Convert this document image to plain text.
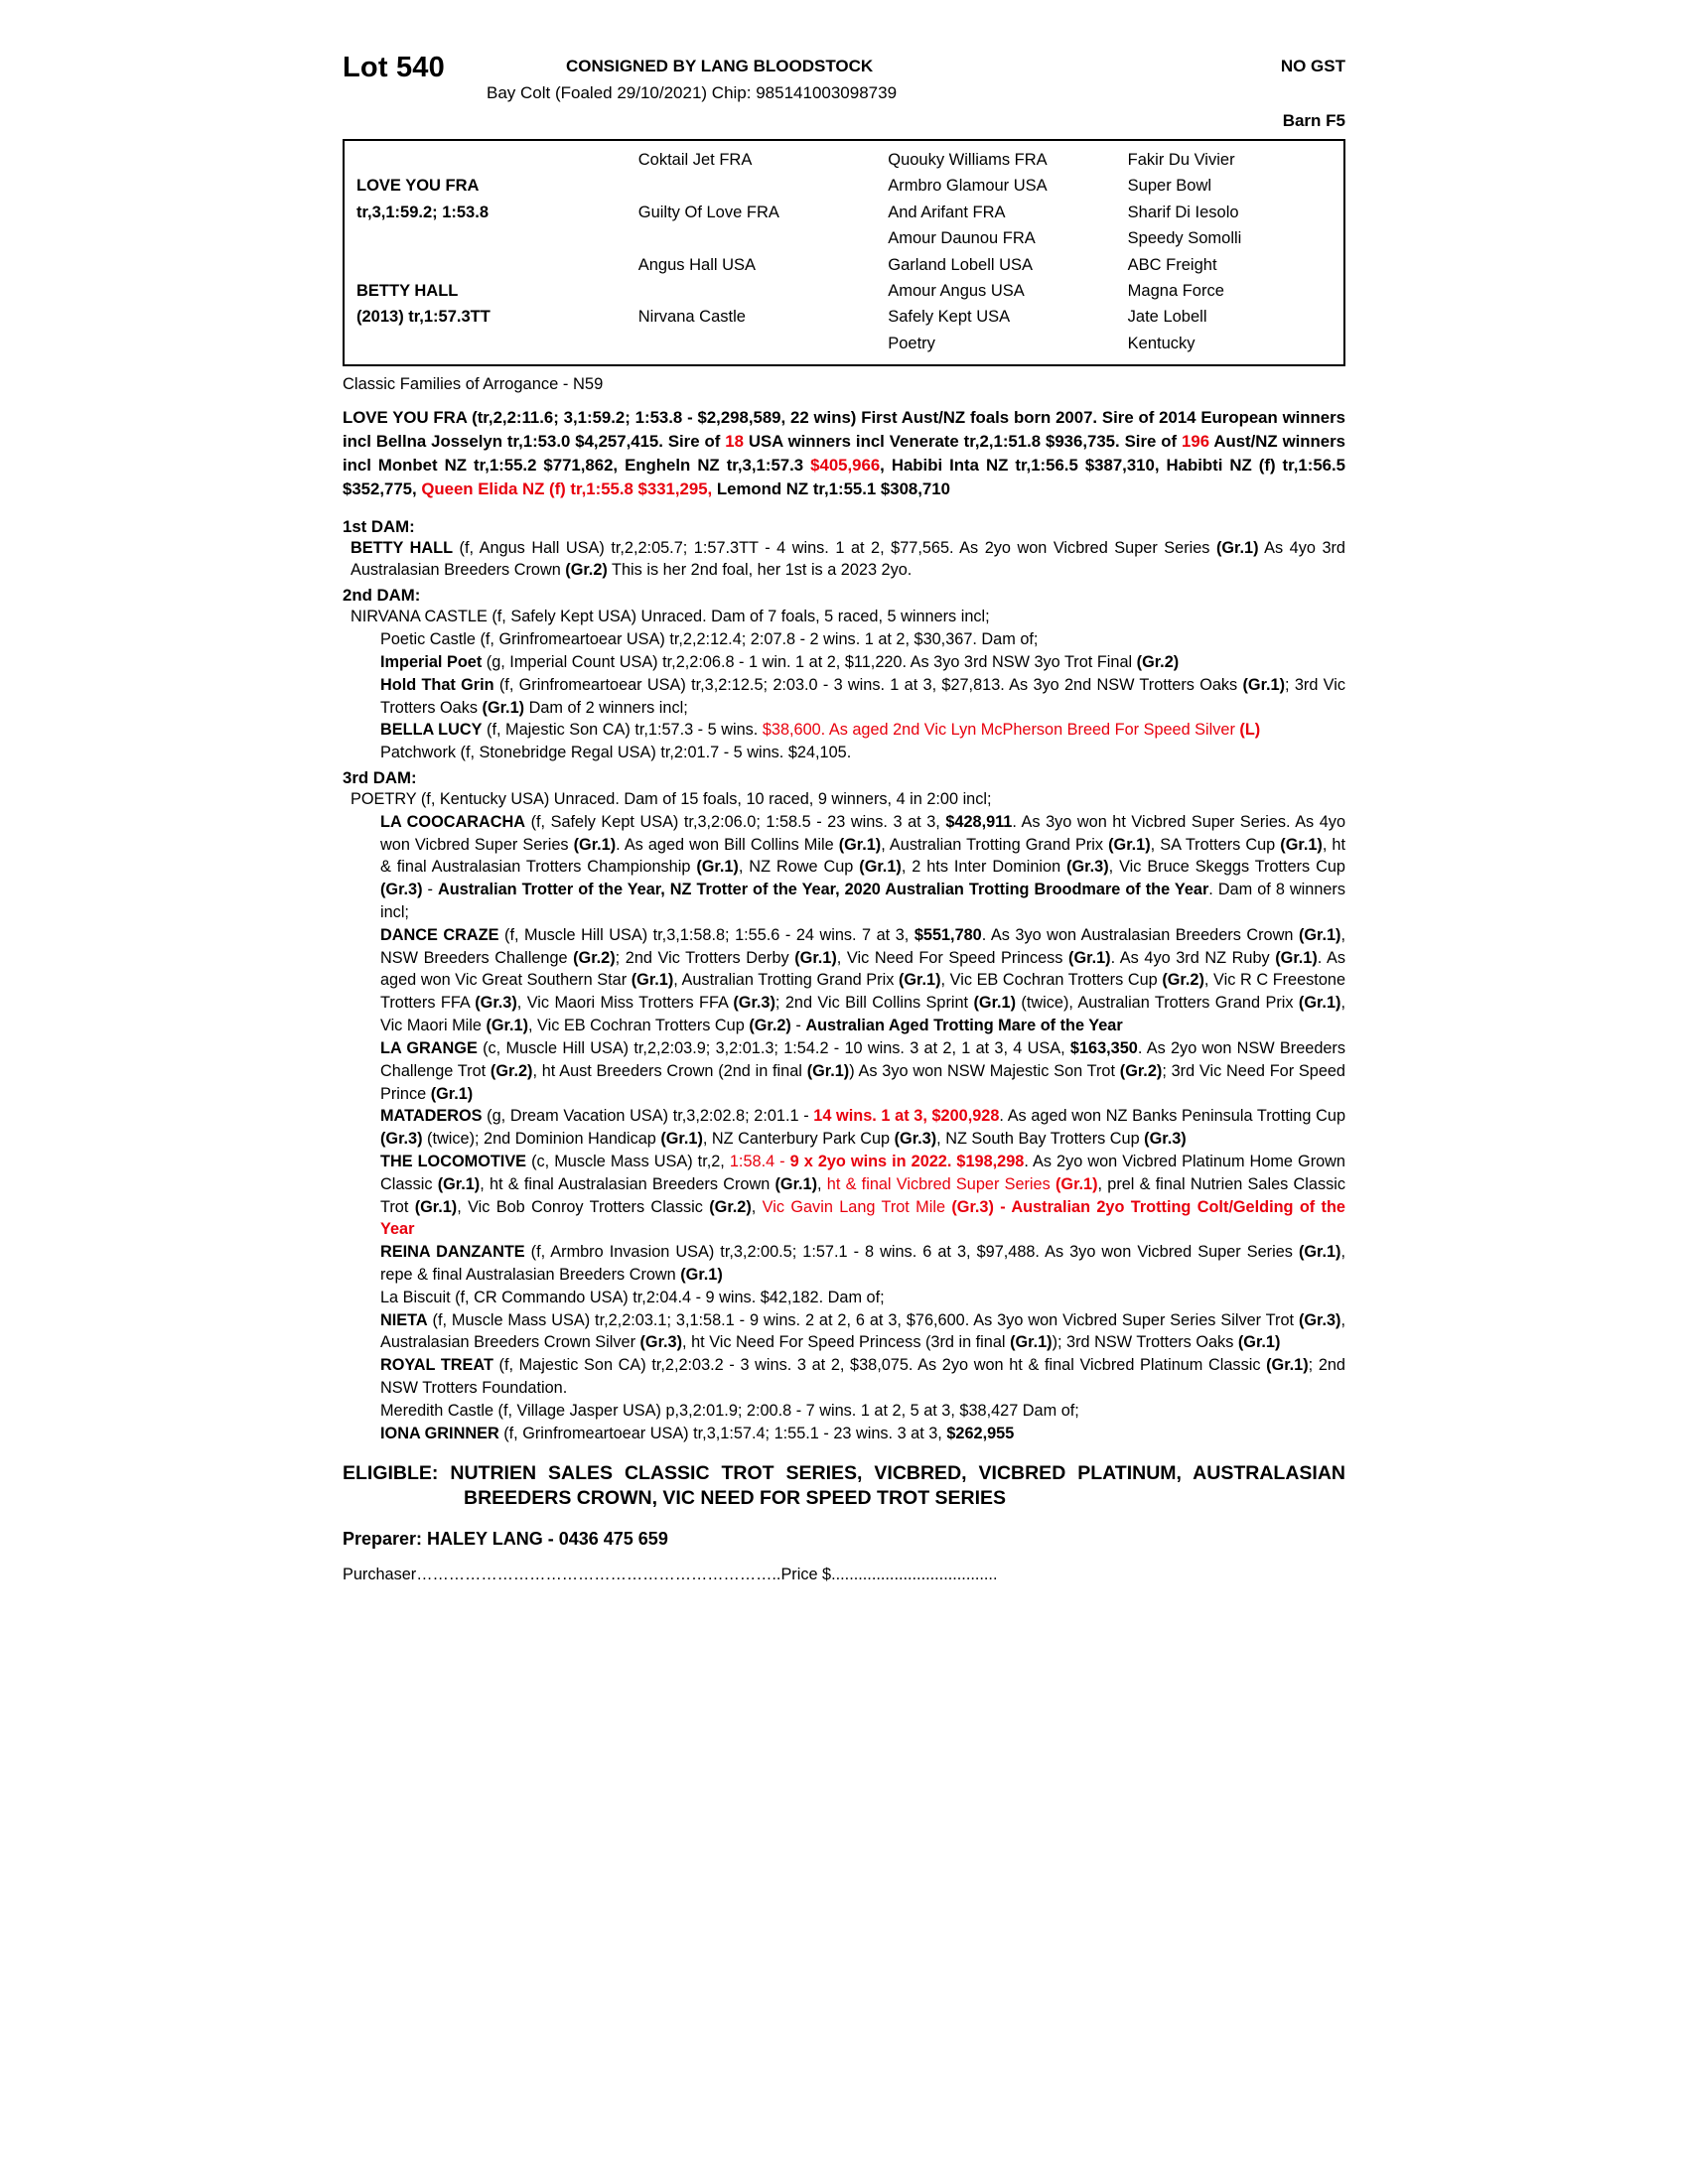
Lot 540	CONSIGNED BY LANG BLOODSTOCK
Bay Colt (Foaled 29/10/2021) Chip: 985141003098739
NO GST
Barn F5
	Coktail Jet FRA	Quouky Williams FRA	Fakir Du Vivier
LOVE YOU FRA		Armbro Glamour USA	Super Bowl
tr,3,1:59.2; 1:53.8	Guilty Of Love FRA	And Arifant FRA	Sharif Di Iesolo
		Amour Daunou FRA	Speedy Somolli
	Angus Hall USA	Garland Lobell USA	ABC Freight
BETTY HALL		Amour Angus USA	Magna Force
(2013) tr,1:57.3TT	Nirvana Castle	Safely Kept USA	Jate Lobell
		Poetry	Kentucky
Classic Families of Arrogance - N59
LOVE YOU FRA (tr,2,2:11.6; 3,1:59.2; 1:53.8 - $2,298,589, 22 wins) First Aust/NZ foals born 2007. Sire of 2014 European winners incl Bellna Josselyn tr,1:53.0 $4,257,415. Sire of 18 USA winners incl Venerate tr,2,1:51.8 $936,735. Sire of 196 Aust/NZ winners incl Monbet NZ tr,1:55.2 $771,862, Engheln NZ tr,3,1:57.3 $405,966, Habibi Inta NZ tr,1:56.5 $387,310, Habibti NZ (f) tr,1:56.5 $352,775, Queen Elida NZ (f) tr,1:55.8 $331,295, Lemond NZ tr,1:55.1 $308,710
1st DAM:

BETTY HALL (f, Angus Hall USA) tr,2,2:05.7; 1:57.3TT - 4 wins. 1 at 2, $77,565. As 2yo won Vicbred Super Series (Gr.1) As 4yo 3rd Australasian Breeders Crown (Gr.2) This is her 2nd foal, her 1st is a 2023 2yo.

2nd DAM:

NIRVANA CASTLE (f, Safely Kept USA) Unraced. Dam of 7 foals, 5 raced, 5 winners incl;

Poetic Castle (f, Grinfromeartoear USA) tr,2,2:12.4; 2:07.8 - 2 wins. 1 at 2, $30,367. Dam of;

Imperial Poet (g, Imperial Count USA) tr,2,2:06.8 - 1 win. 1 at 2, $11,220. As 3yo 3rd NSW 3yo Trot Final (Gr.2)

Hold That Grin (f, Grinfromeartoear USA) tr,3,2:12.5; 2:03.0 - 3 wins. 1 at 3, $27,813. As 3yo 2nd NSW Trotters Oaks (Gr.1); 3rd Vic Trotters Oaks (Gr.1) Dam of 2 winners incl;

BELLA LUCY (f, Majestic Son CA) tr,1:57.3 - 5 wins. $38,600. As aged 2nd Vic Lyn McPherson Breed For Speed Silver (L)

Patchwork (f, Stonebridge Regal USA) tr,2:01.7 - 5 wins. $24,105.

3rd DAM:

POETRY (f, Kentucky USA) Unraced. Dam of 15 foals, 10 raced, 9 winners, 4 in 2:00 incl;

LA COOCARACHA (f, Safely Kept USA) tr,3,2:06.0; 1:58.5 - 23 wins. 3 at 3, $428,911. As 3yo won ht Vicbred Super Series. As 4yo won Vicbred Super Series (Gr.1). As aged won Bill Collins Mile (Gr.1), Australian Trotting Grand Prix (Gr.1), SA Trotters Cup (Gr.1), ht & final Australasian Trotters Championship (Gr.1), NZ Rowe Cup (Gr.1), 2 hts Inter Dominion (Gr.3), Vic Bruce Skeggs Trotters Cup (Gr.3) - Australian Trotter of the Year, NZ Trotter of the Year, 2020 Australian Trotting Broodmare of the Year. Dam of 8 winners incl;

DANCE CRAZE (f, Muscle Hill USA) tr,3,1:58.8; 1:55.6 - 24 wins. 7 at 3, $551,780. As 3yo won Australasian Breeders Crown (Gr.1), NSW Breeders Challenge (Gr.2); 2nd Vic Trotters Derby (Gr.1), Vic Need For Speed Princess (Gr.1). As 4yo 3rd NZ Ruby (Gr.1). As aged won Vic Great Southern Star (Gr.1), Australian Trotting Grand Prix (Gr.1), Vic EB Cochran Trotters Cup (Gr.2), Vic R C Freestone Trotters FFA (Gr.3), Vic Maori Miss Trotters FFA (Gr.3); 2nd Vic Bill Collins Sprint (Gr.1) (twice), Australian Trotters Grand Prix (Gr.1), Vic Maori Mile (Gr.1), Vic EB Cochran Trotters Cup (Gr.2) - Australian Aged Trotting Mare of the Year

LA GRANGE (c, Muscle Hill USA) tr,2,2:03.9; 3,2:01.3; 1:54.2 - 10 wins. 3 at 2, 1 at 3, 4 USA, $163,350. As 2yo won NSW Breeders Challenge Trot (Gr.2), ht Aust Breeders Crown (2nd in final (Gr.1)) As 3yo won NSW Majestic Son Trot (Gr.2); 3rd Vic Need For Speed Prince (Gr.1)

MATADEROS (g, Dream Vacation USA) tr,3,2:02.8; 2:01.1 - 14 wins. 1 at 3, $200,928. As aged won NZ Banks Peninsula Trotting Cup (Gr.3) (twice); 2nd Dominion Handicap (Gr.1), NZ Canterbury Park Cup (Gr.3), NZ South Bay Trotters Cup (Gr.3)

THE LOCOMOTIVE (c, Muscle Mass USA) tr,2, 1:58.4 - 9 x 2yo wins in 2022. $198,298. As 2yo won Vicbred Platinum Home Grown Classic (Gr.1), ht & final Australasian Breeders Crown (Gr.1), ht & final Vicbred Super Series (Gr.1), prel & final Nutrien Sales Classic Trot (Gr.1), Vic Bob Conroy Trotters Classic (Gr.2), Vic Gavin Lang Trot Mile (Gr.3) - Australian 2yo Trotting Colt/Gelding of the Year

REINA DANZANTE (f, Armbro Invasion USA) tr,3,2:00.5; 1:57.1 - 8 wins. 6 at 3, $97,488. As 3yo won Vicbred Super Series (Gr.1), repe & final Australasian Breeders Crown (Gr.1)

La Biscuit (f, CR Commando USA) tr,2:04.4 - 9 wins. $42,182. Dam of;

NIETA (f, Muscle Mass USA) tr,2,2:03.1; 3,1:58.1 - 9 wins. 2 at 2, 6 at 3, $76,600. As 3yo won Vicbred Super Series Silver Trot (Gr.3), Australasian Breeders Crown Silver (Gr.3), ht Vic Need For Speed Princess (3rd in final (Gr.1)); 3rd NSW Trotters Oaks (Gr.1)

ROYAL TREAT (f, Majestic Son CA) tr,2,2:03.2 - 3 wins. 3 at 2, $38,075. As 2yo won ht & final Vicbred Platinum Classic (Gr.1); 2nd NSW Trotters Foundation.

Meredith Castle (f, Village Jasper USA) p,3,2:01.9; 2:00.8 - 7 wins. 1 at 2, 5 at 3, $38,427 Dam of;

IONA GRINNER (f, Grinfromeartoear USA) tr,3,1:57.4; 1:55.1 - 23 wins. 3 at 3, $262,955

ELIGIBLE: NUTRIEN SALES CLASSIC TROT SERIES, VICBRED, VICBRED PLATINUM, AUSTRALASIAN BREEDERS CROWN, VIC NEED FOR SPEED TROT SERIES
Preparer: HALEY LANG - 0436 475 659
Purchaser…………………………………………………………..Price $.....................................
